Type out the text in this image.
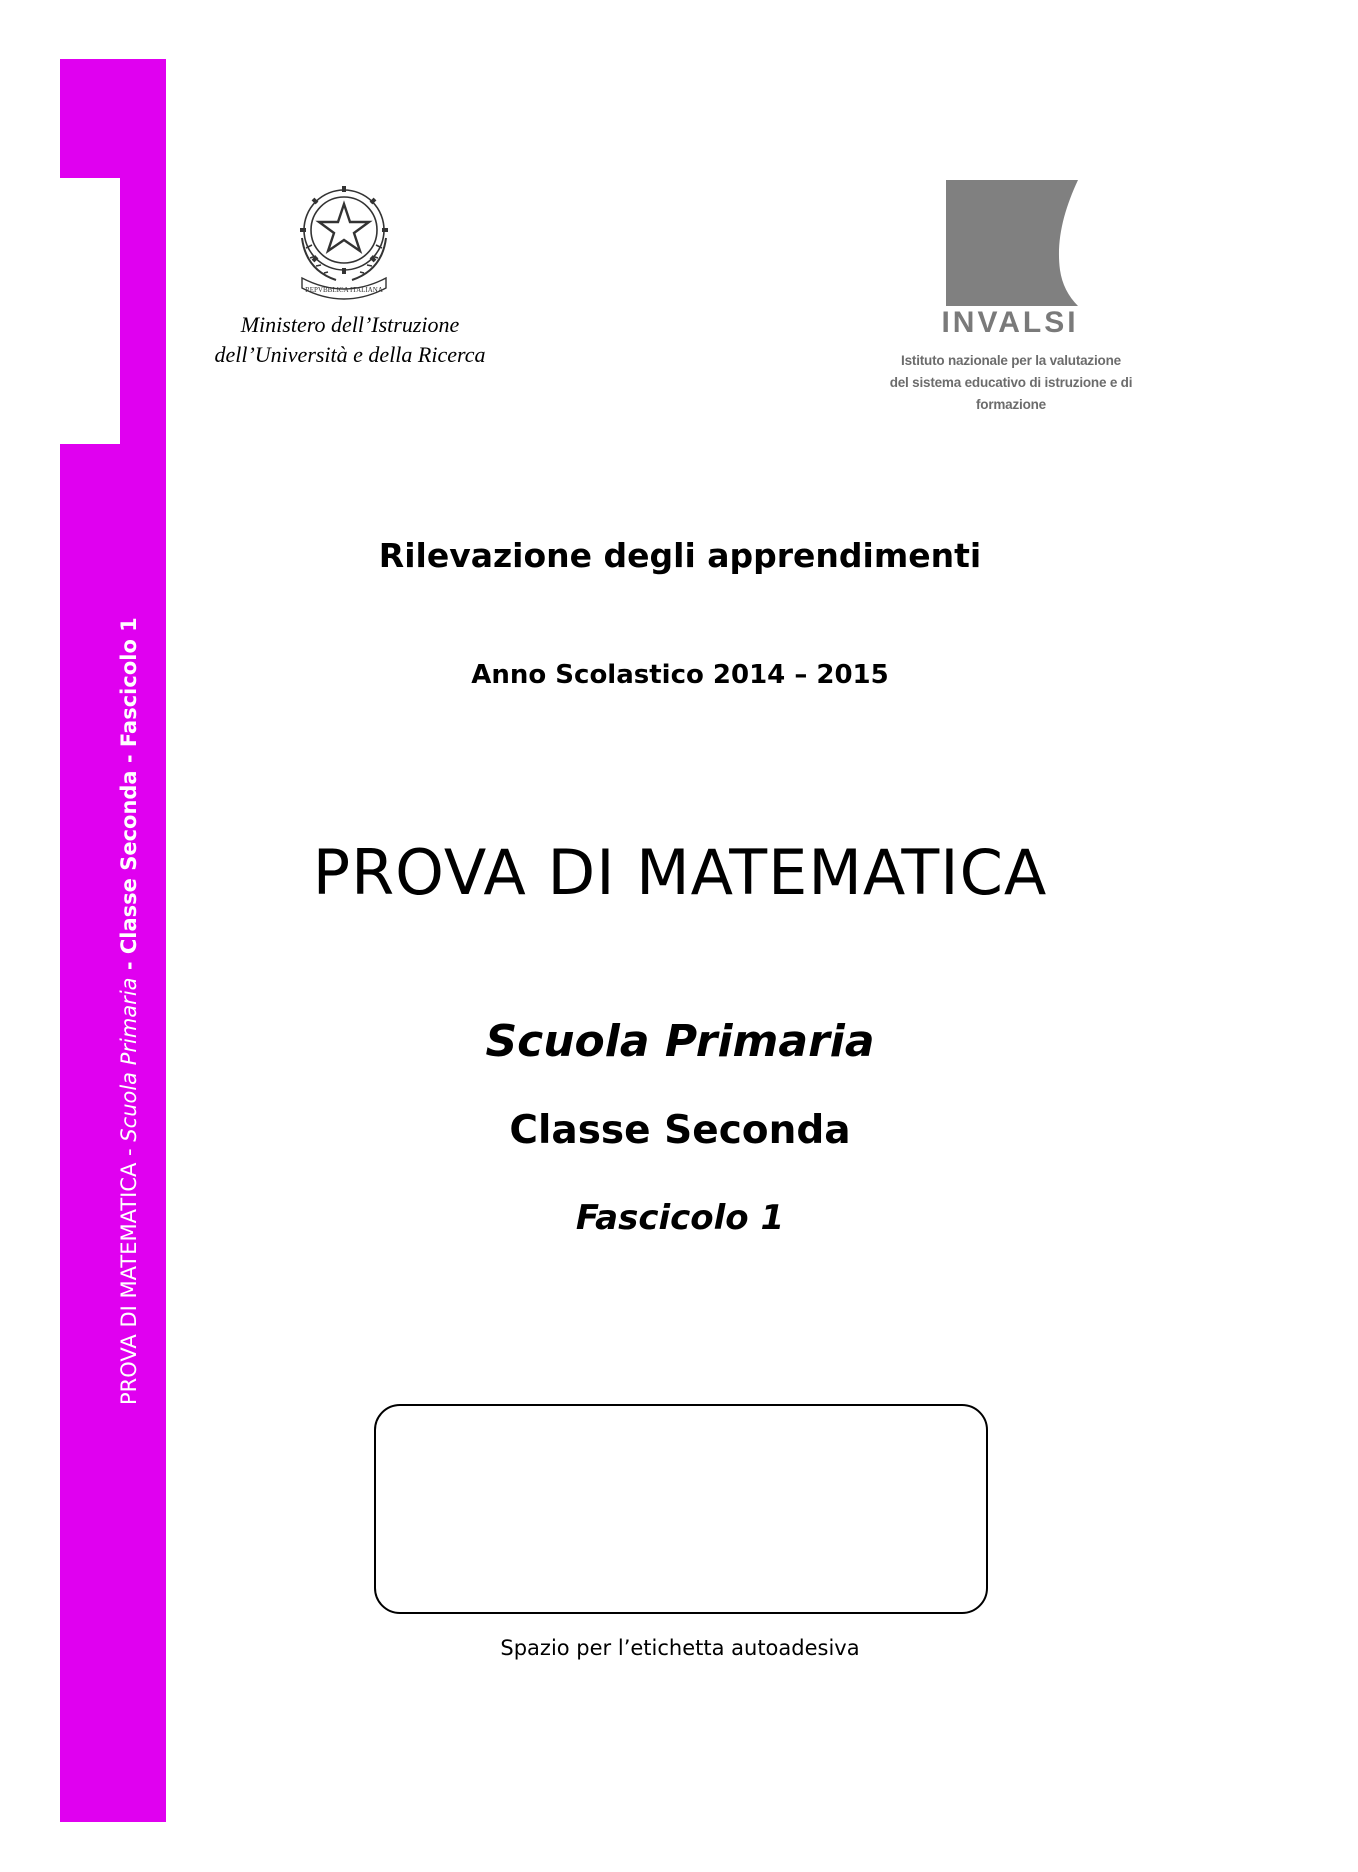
PROVA DI MATEMATICA - Scuola Primaria - Classe Seconda - Fascicolo 1
REPVBBLICA ITALIANA
Ministero dell’Istruzione
dell’Università e della Ricerca
INVALSI
Istituto nazionale per la valutazione
del sistema educativo di istruzione e di formazione
Rilevazione degli apprendimenti
Anno Scolastico 2014 – 2015
PROVA DI MATEMATICA
Scuola Primaria
Classe Seconda
Fascicolo 1
Spazio per l’etichetta autoadesiva
